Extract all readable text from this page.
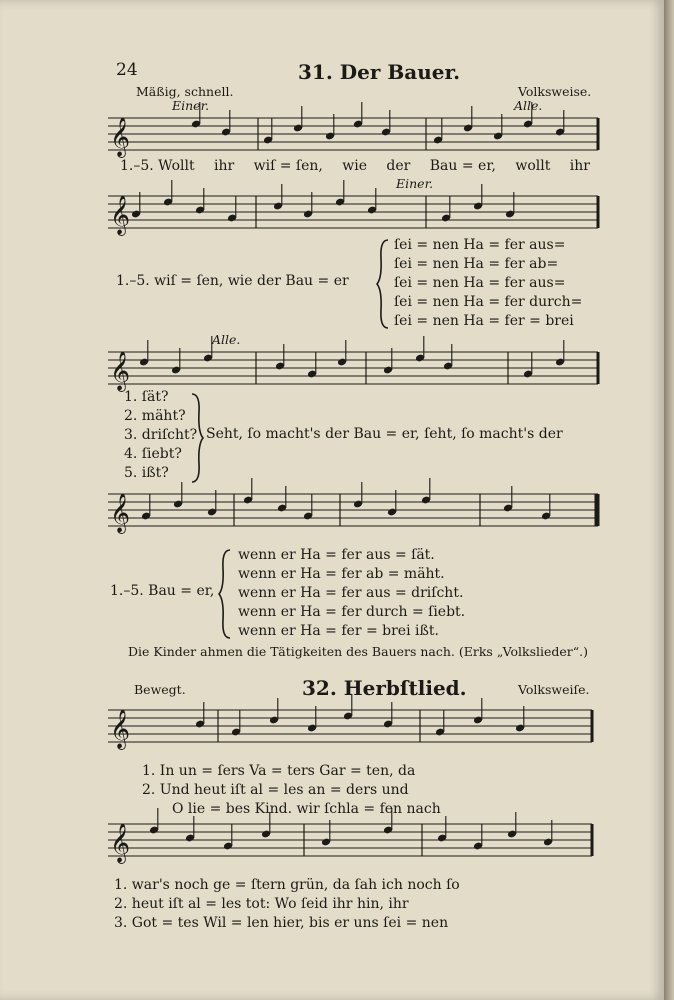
24	31. Der Bauer.
Mäßig, schnell.	Volksweise.
Einer.	Alle.
𝄞
1.–5. Wollt ihr wiſ = ſen, wie der Bau = er, wollt ihr
Einer.
𝄞
1.–5. wiſ = ſen, wie der Bau = er
ſei = nen Ha = fer aus=
ſei = nen Ha = fer ab=
ſei = nen Ha = fer aus=
ſei = nen Ha = fer durch=
ſei = nen Ha = fer = brei
Alle.
𝄞
1. ſät?
2. mäht?
3. driſcht?
4. ſiebt?
5. ißt?
Seht, ſo macht's der Bau = er, ſeht, ſo macht's der
𝄞
1.–5. Bau = er,
wenn er Ha = fer aus = ſät.
wenn er Ha = fer ab = mäht.
wenn er Ha = fer aus = driſcht.
wenn er Ha = fer durch = ſiebt.
wenn er Ha = fer = brei ißt.
Die Kinder ahmen die Tätigkeiten des Bauers nach. (Erks „Volkslieder“.)
32. Herbſtlied.
Bewegt.	Volksweiſe.
𝄞
1. In un = ſers Va = ters Gar = ten, da
2. Und heut iſt al = les an = ders und
O lie = bes Kind. wir ſchla = fen nach
𝄞
1. war's noch ge = ſtern grün, da ſah ich noch ſo
2. heut iſt al = les tot: Wo ſeid ihr hin, ihr
3. Got = tes Wil = len hier, bis er uns ſei = nen
